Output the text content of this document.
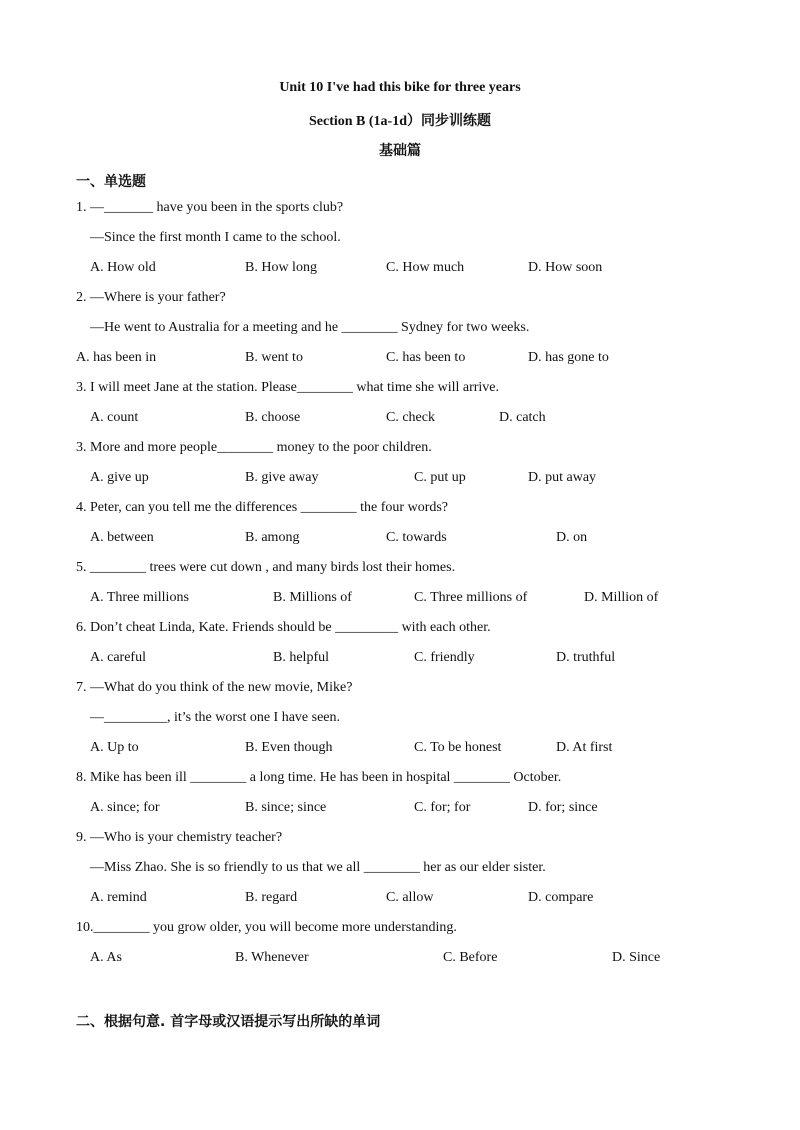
Unit 10 I've had this bike for three years
Section B (1a-1d）同步训练题
基础篇
一、单选题
1. —_______ have you been in the sports club?
—Since the first month I came to the school.
A. How old	B. How long	C. How much	D. How soon
2. —Where is your father?
—He went to Australia for a meeting and he ________ Sydney for two weeks.
A. has been in	B. went to	C. has been to	D. has gone to
3. I will meet Jane at the station. Please________ what time she will arrive.
A. count	B. choose	C. check	D. catch
3. More and more people________ money to the poor children.
A. give up	B. give away	C. put up	D. put away
4. Peter, can you tell me the differences ________ the four words?
A. between	B. among	C. towards	D. on
5. ________ trees were cut down , and many birds lost their homes.
A. Three millions	B. Millions of	C. Three millions of	D. Million of
6. Don’t cheat Linda, Kate. Friends should be _________ with each other.
A. careful	B. helpful	C. friendly	D. truthful
7. —What do you think of the new movie, Mike?
—_________, it’s the worst one I have seen.
A. Up to	B. Even though	C. To be honest	D. At first
8. Mike has been ill ________ a long time. He has been in hospital ________ October.
A. since; for	B. since; since	C. for; for	D. for; since
9. —Who is your chemistry teacher?
—Miss Zhao. She is so friendly to us that we all ________ her as our elder sister.
A. remind	B. regard	C. allow	D. compare
10.________ you grow older, you will become more understanding.
A. As	B. Whenever	C. Before	D. Since
二、根据句意. 首字母或汉语提示写出所缺的单词
